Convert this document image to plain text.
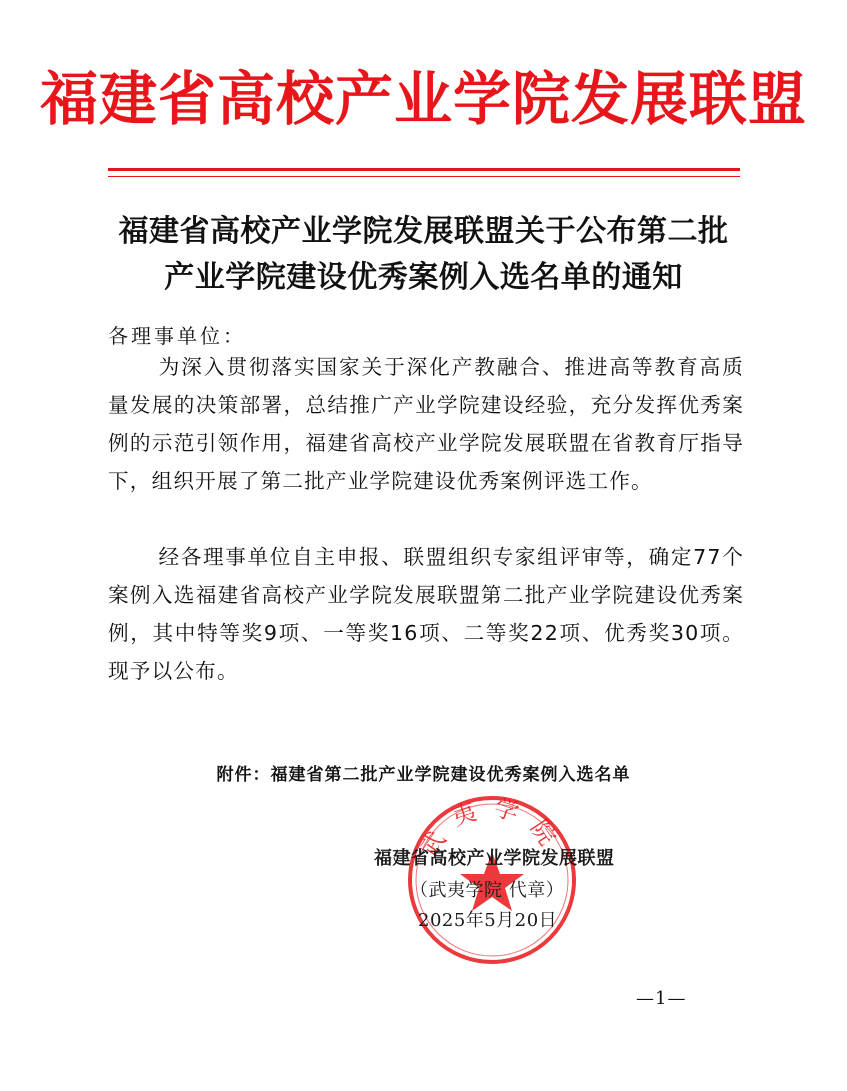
福建省高校产业学院发展联盟
福建省高校产业学院发展联盟关于公布第二批
产业学院建设优秀案例入选名单的通知
各理事单位：
为深入贯彻落实国家关于深化产教融合、推进高等教育高质量发展的决策部署，总结推广产业学院建设经验，充分发挥优秀案例的示范引领作用，福建省高校产业学院发展联盟在省教育厅指导下，组织开展了第二批产业学院建设优秀案例评选工作。
经各理事单位自主申报、联盟组织专家组评审等，确定77个案例入选福建省高校产业学院发展联盟第二批产业学院建设优秀案例，其中特等奖9项、一等奖16项、二等奖22项、优秀奖30项。现予以公布。
附件：福建省第二批产业学院建设优秀案例入选名单
武夷学院
福建省高校产业学院发展联盟
（武夷学院 代章）
2025年5月20日
—1—
